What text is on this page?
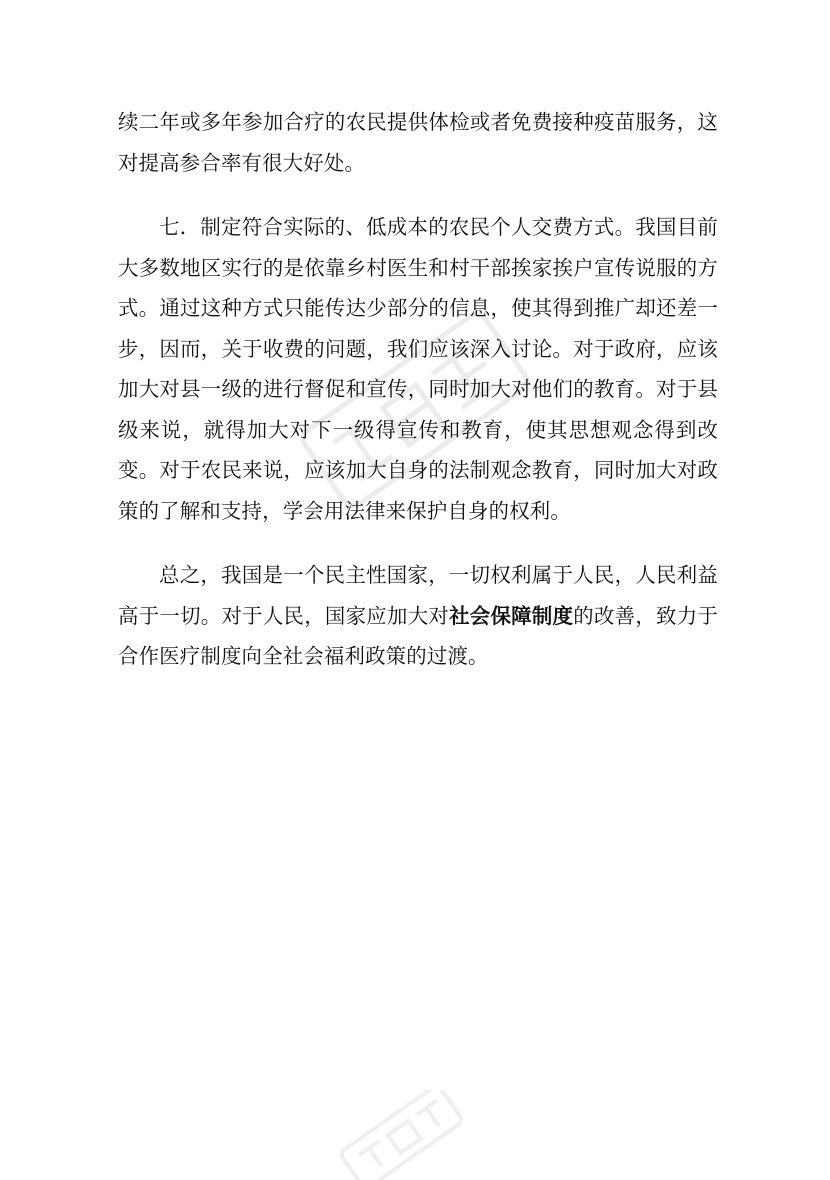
续二年或多年参加合疗的农民提供体检或者免费接种疫苗服务，这对提高参合率有很大好处。

七．制定符合实际的、低成本的农民个人交费方式。我国目前大多数地区实行的是依靠乡村医生和村干部挨家挨户宣传说服的方式。通过这种方式只能传达少部分的信息，使其得到推广却还差一步，因而，关于收费的问题，我们应该深入讨论。对于政府，应该加大对县一级的进行督促和宣传，同时加大对他们的教育。对于县级来说，就得加大对下一级得宣传和教育，使其思想观念得到改变。对于农民来说，应该加大自身的法制观念教育，同时加大对政策的了解和支持，学会用法律来保护自身的权利。

总之，我国是一个民主性国家，一切权利属于人民，人民利益高于一切。对于人民，国家应加大对社会保障制度的改善，致力于合作医疗制度向全社会福利政策的过渡。
